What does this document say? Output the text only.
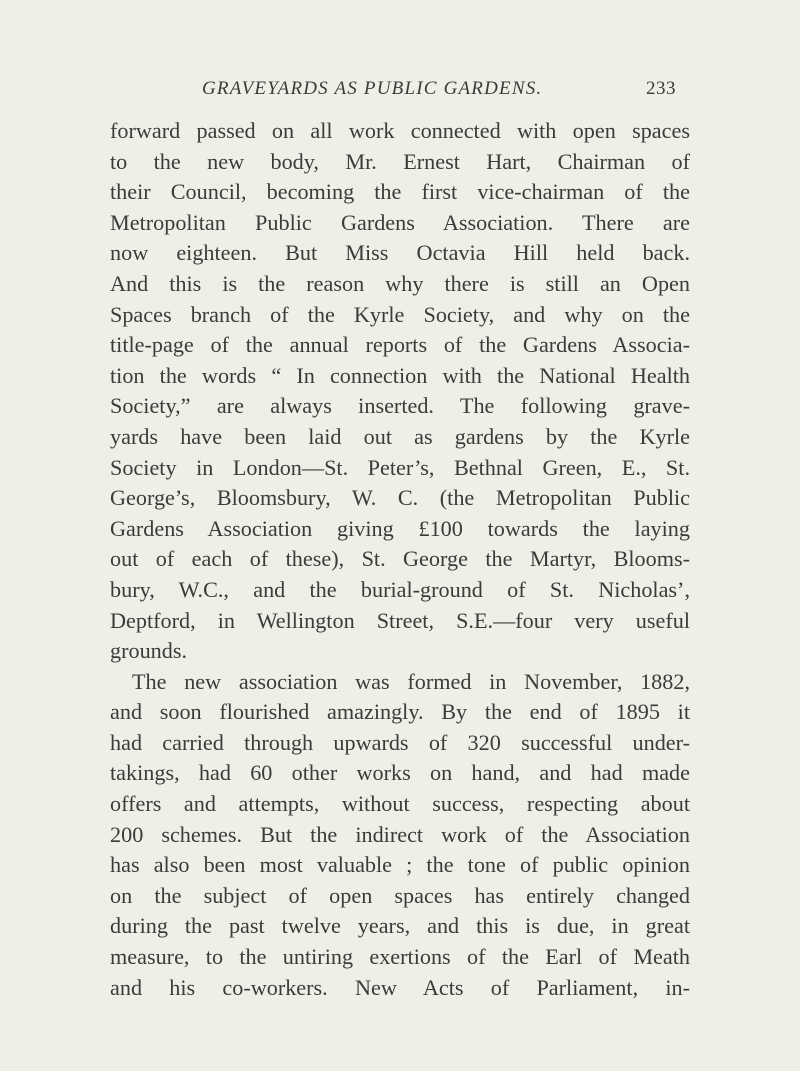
GRAVEYARDS AS PUBLIC GARDENS.	233
forward passed on all work connected with open spaces
to the new body, Mr. Ernest Hart, Chairman of
their Council, becoming the first vice-chairman of the
Metropolitan Public Gardens Association. There are
now eighteen. But Miss Octavia Hill held back.
And this is the reason why there is still an Open
Spaces branch of the Kyrle Society, and why on the
title-page of the annual reports of the Gardens Associa-
tion the words “ In connection with the National Health
Society,” are always inserted. The following grave-
yards have been laid out as gardens by the Kyrle
Society in London—St. Peter’s, Bethnal Green, E., St.
George’s, Bloomsbury, W. C. (the Metropolitan Public
Gardens Association giving £100 towards the laying
out of each of these), St. George the Martyr, Blooms-
bury, W.C., and the burial-ground of St. Nicholas’,
Deptford, in Wellington Street, S.E.—four very useful
grounds.
The new association was formed in November, 1882,
and soon flourished amazingly. By the end of 1895 it
had carried through upwards of 320 successful under-
takings, had 60 other works on hand, and had made
offers and attempts, without success, respecting about
200 schemes. But the indirect work of the Association
has also been most valuable ; the tone of public opinion
on the subject of open spaces has entirely changed
during the past twelve years, and this is due, in great
measure, to the untiring exertions of the Earl of Meath
and his co-workers. New Acts of Parliament, in-
